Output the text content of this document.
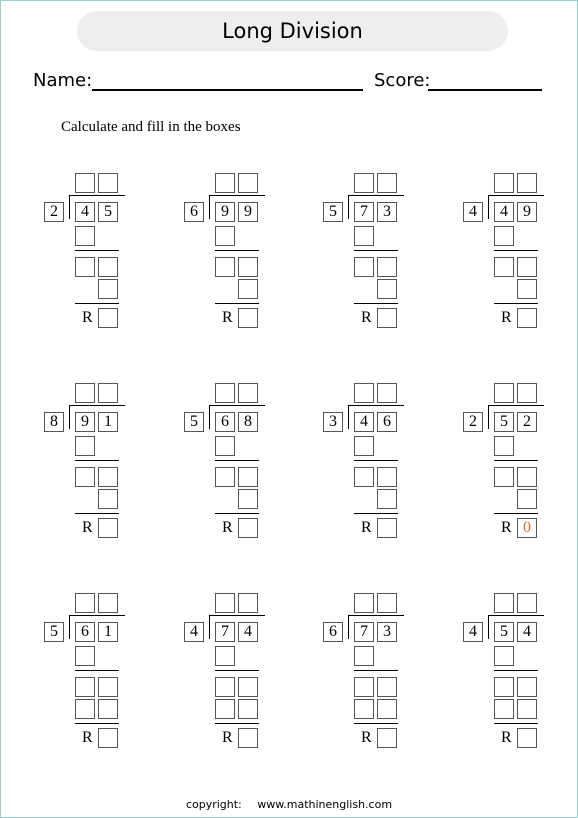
Long Division
Name:	Score:
Calculate and fill in the boxes
2	4 5
R
6	9 9
R
5	7 3
R
4	4 9
R
8	9 1
R
5	6 8
R
3	4 6
R
2	5 2
R 0
5	6 1
R
4	7 4
R
6	7 3
R
4	5 4
R
copyright: www.mathinenglish.com
